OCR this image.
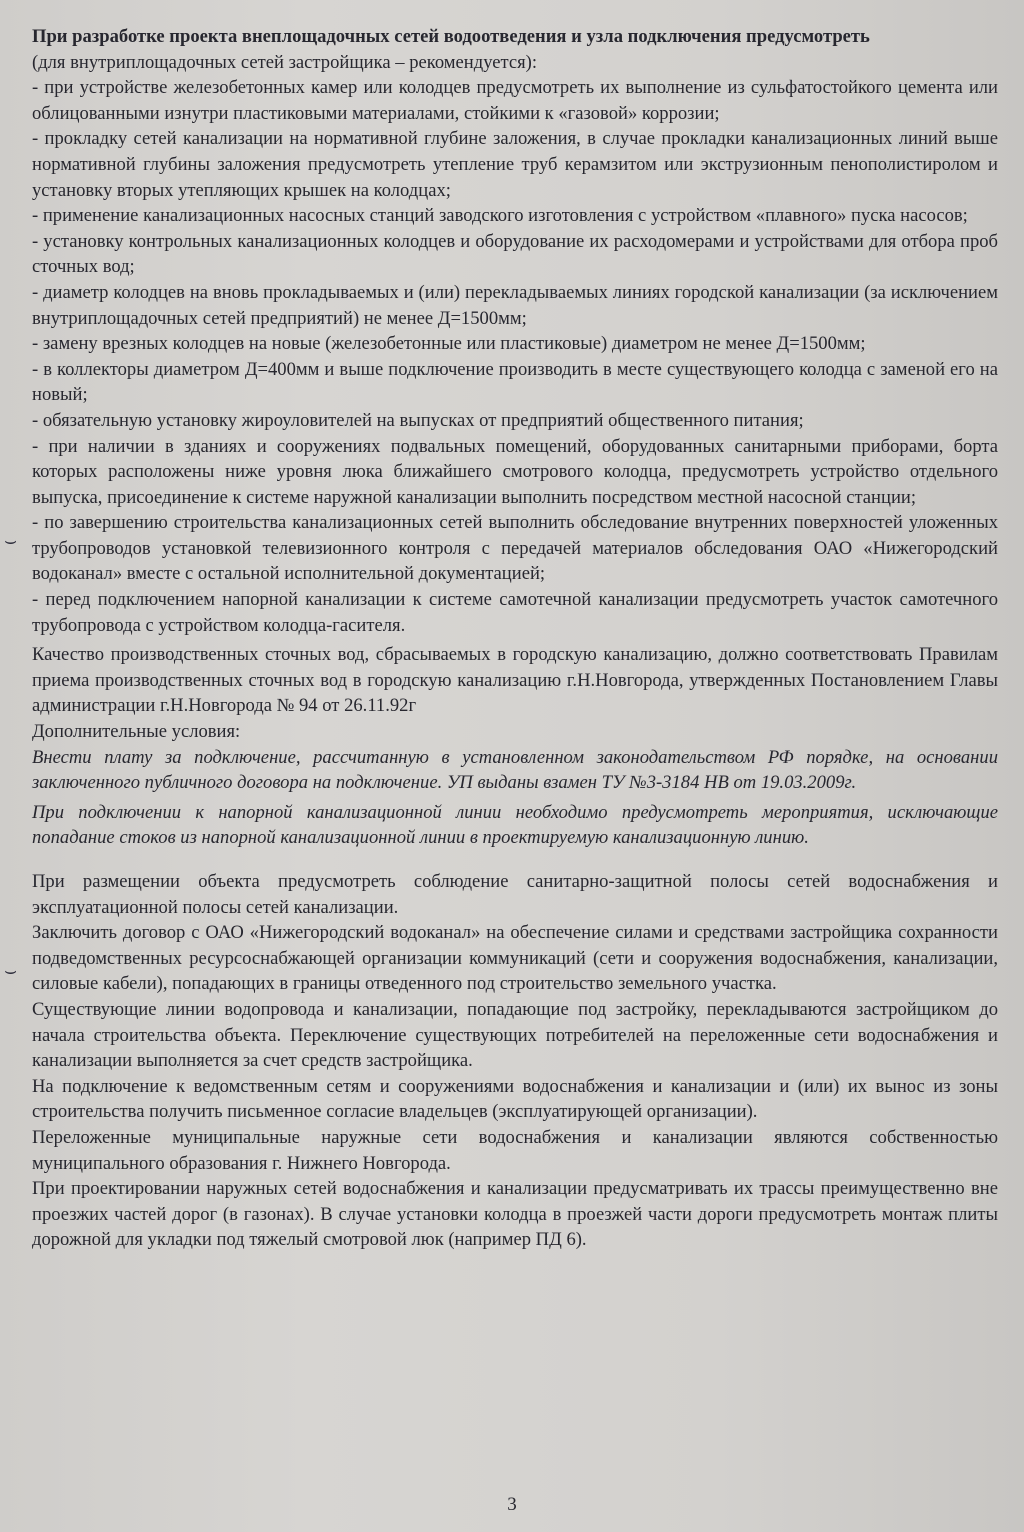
При разработке проекта внеплощадочных сетей водоотведения и узла подключения предусмотреть

(для внутриплощадочных сетей застройщика – рекомендуется):

- при устройстве железобетонных камер или колодцев предусмотреть их выполнение из сульфатостойкого цемента или облицованными изнутри пластиковыми материалами, стойкими к «газовой» коррозии;

- прокладку сетей канализации на нормативной глубине заложения, в случае прокладки канализационных линий выше нормативной глубины заложения предусмотреть утепление труб керамзитом или экструзионным пенополистиролом и установку вторых утепляющих крышек на колодцах;

- применение канализационных насосных станций заводского изготовления с устройством «плавного» пуска насосов;

- установку контрольных канализационных колодцев и оборудование их расходомерами и устройствами для отбора проб сточных вод;

- диаметр колодцев на вновь прокладываемых и (или) перекладываемых линиях городской канализации (за исключением внутриплощадочных сетей предприятий) не менее Д=1500мм;

- замену врезных колодцев на новые (железобетонные или пластиковые) диаметром не менее Д=1500мм;

- в коллекторы диаметром Д=400мм и выше подключение производить в месте существующего колодца с заменой его на новый;

- обязательную установку жироуловителей на выпусках от предприятий общественного питания;

- при наличии в зданиях и сооружениях подвальных помещений, оборудованных санитарными приборами, борта которых расположены ниже уровня люка ближайшего смотрового колодца, предусмотреть устройство отдельного выпуска, присоединение к системе наружной канализации выполнить посредством местной насосной станции;

- по завершению строительства канализационных сетей выполнить обследование внутренних поверхностей уложенных трубопроводов установкой телевизионного контроля с передачей материалов обследования ОАО «Нижегородский водоканал» вместе с остальной исполнительной документацией;

- перед подключением напорной канализации к системе самотечной канализации предусмотреть участок самотечного трубопровода с устройством колодца-гасителя.

Качество производственных сточных вод, сбрасываемых в городскую канализацию, должно соответствовать Правилам приема производственных сточных вод в городскую канализацию г.Н.Новгорода, утвержденных Постановлением Главы администрации г.Н.Новгорода № 94 от 26.11.92г

Дополнительные условия:

Внести плату за подключение, рассчитанную в установленном законодательством РФ порядке, на основании заключенного публичного договора на подключение. УП выданы взамен ТУ №3-3184 НВ от 19.03.2009г.

При подключении к напорной канализационной линии необходимо предусмотреть мероприятия, исключающие попадание стоков из напорной канализационной линии в проектируемую канализационную линию.

При размещении объекта предусмотреть соблюдение санитарно-защитной полосы сетей водоснабжения и эксплуатационной полосы сетей канализации.

Заключить договор с ОАО «Нижегородский водоканал» на обеспечение силами и средствами застройщика сохранности подведомственных ресурсоснабжающей организации коммуникаций (сети и сооружения водоснабжения, канализации, силовые кабели), попадающих в границы отведенного под строительство земельного участка.

Существующие линии водопровода и канализации, попадающие под застройку, перекладываются застройщиком до начала строительства объекта. Переключение существующих потребителей на переложенные сети водоснабжения и канализации выполняется за счет средств застройщика.

На подключение к ведомственным сетям и сооружениями водоснабжения и канализации и (или) их вынос из зоны строительства получить письменное согласие владельцев (эксплуатирующей организации).

Переложенные муниципальные наружные сети водоснабжения и канализации являются собственностью муниципального образования г. Нижнего Новгорода.

При проектировании наружных сетей водоснабжения и канализации предусматривать их трассы преимущественно вне проезжих частей дорог (в газонах). В случае установки колодца в проезжей части дороги предусмотреть монтаж плиты дорожной для укладки под тяжелый смотровой люк (например ПД 6).

⌣
⌣
3
